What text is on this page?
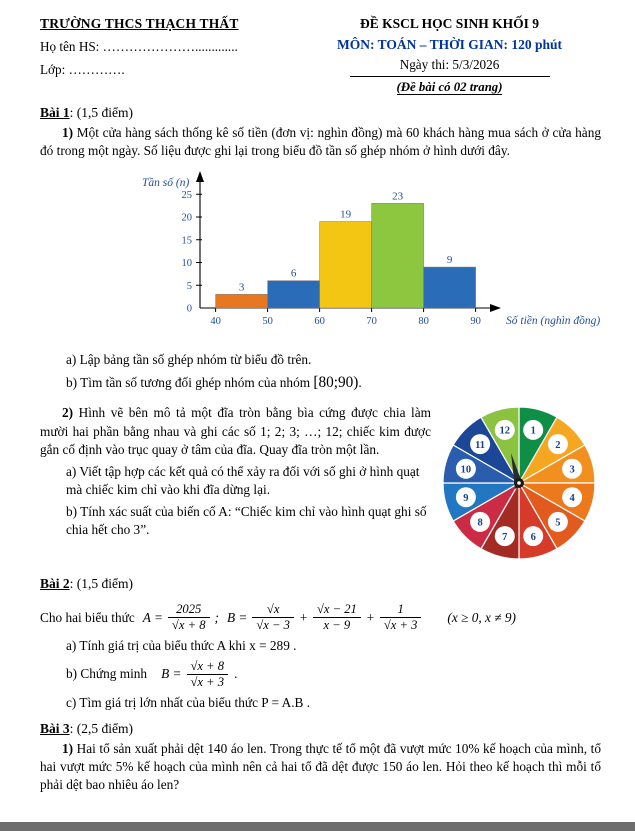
TRƯỜNG THCS THẠCH THẤT
Họ tên HS: ………………….............
Lớp: ………….
ĐỀ KSCL HỌC SINH KHỐI 9
MÔN: TOÁN – THỜI GIAN: 120 phút
Ngày thi: 5/3/2026
(Đề bài có 02 trang)
Bài 1: (1,5 điểm)

1) Một cửa hàng sách thống kê số tiền (đơn vị: nghìn đồng) mà 60 khách hàng mua sách ở cửa hàng đó trong một ngày. Số liệu được ghi lại trong biểu đồ tần số ghép nhóm ở hình dưới đây.

0
5
10
15
20
25
40	50	60	70	80	90
3
6
19
23
9
Tần số (n)
Số tiền (nghìn đồng)

a) Lập bảng tần số ghép nhóm từ biểu đồ trên.

b) Tìm tần số tương đối ghép nhóm của nhóm [80;90).

1
2
3
4
5
6
7
8
9
10
11
12

2) Hình vẽ bên mô tả một đĩa tròn bằng bìa cứng được chia làm mười hai phần bằng nhau và ghi các số 1; 2; 3; …; 12; chiếc kim được gắn cố định vào trục quay ở tâm của đĩa. Quay đĩa tròn một lần.

a) Viết tập hợp các kết quả có thể xảy ra đối với số ghi ở hình quạt mà chiếc kim chỉ vào khi đĩa dừng lại.

b) Tính xác suất của biến cố A: “Chiếc kim chỉ vào hình quạt ghi số chia hết cho 3”.

Bài 2: (1,5 điểm)
Cho hai biểu thức $A = \frac{2025}{√x + 8}$ ; $B = \frac{√x}{√x - 3} + \frac{√x - 21}{x - 9} + \frac{1}{√x + 3} (x \ge 0$, x ≠ 9)

a) Tính giá trị của biểu thức A khi x = 289 .

b) Chứng minh $B = \frac{√x + 8}{√x + 3}$ .

c) Tìm giá trị lớn nhất của biểu thức P = A.B .

Bài 3: (2,5 điểm)

1) Hai tổ sản xuất phải dệt 140 áo len. Trong thực tế tổ một đã vượt mức 10% kế hoạch của mình, tổ hai vượt mức 5% kế hoạch của mình nên cả hai tổ đã dệt được 150 áo len. Hỏi theo kế hoạch thì mỗi tổ phải dệt bao nhiêu áo len?
